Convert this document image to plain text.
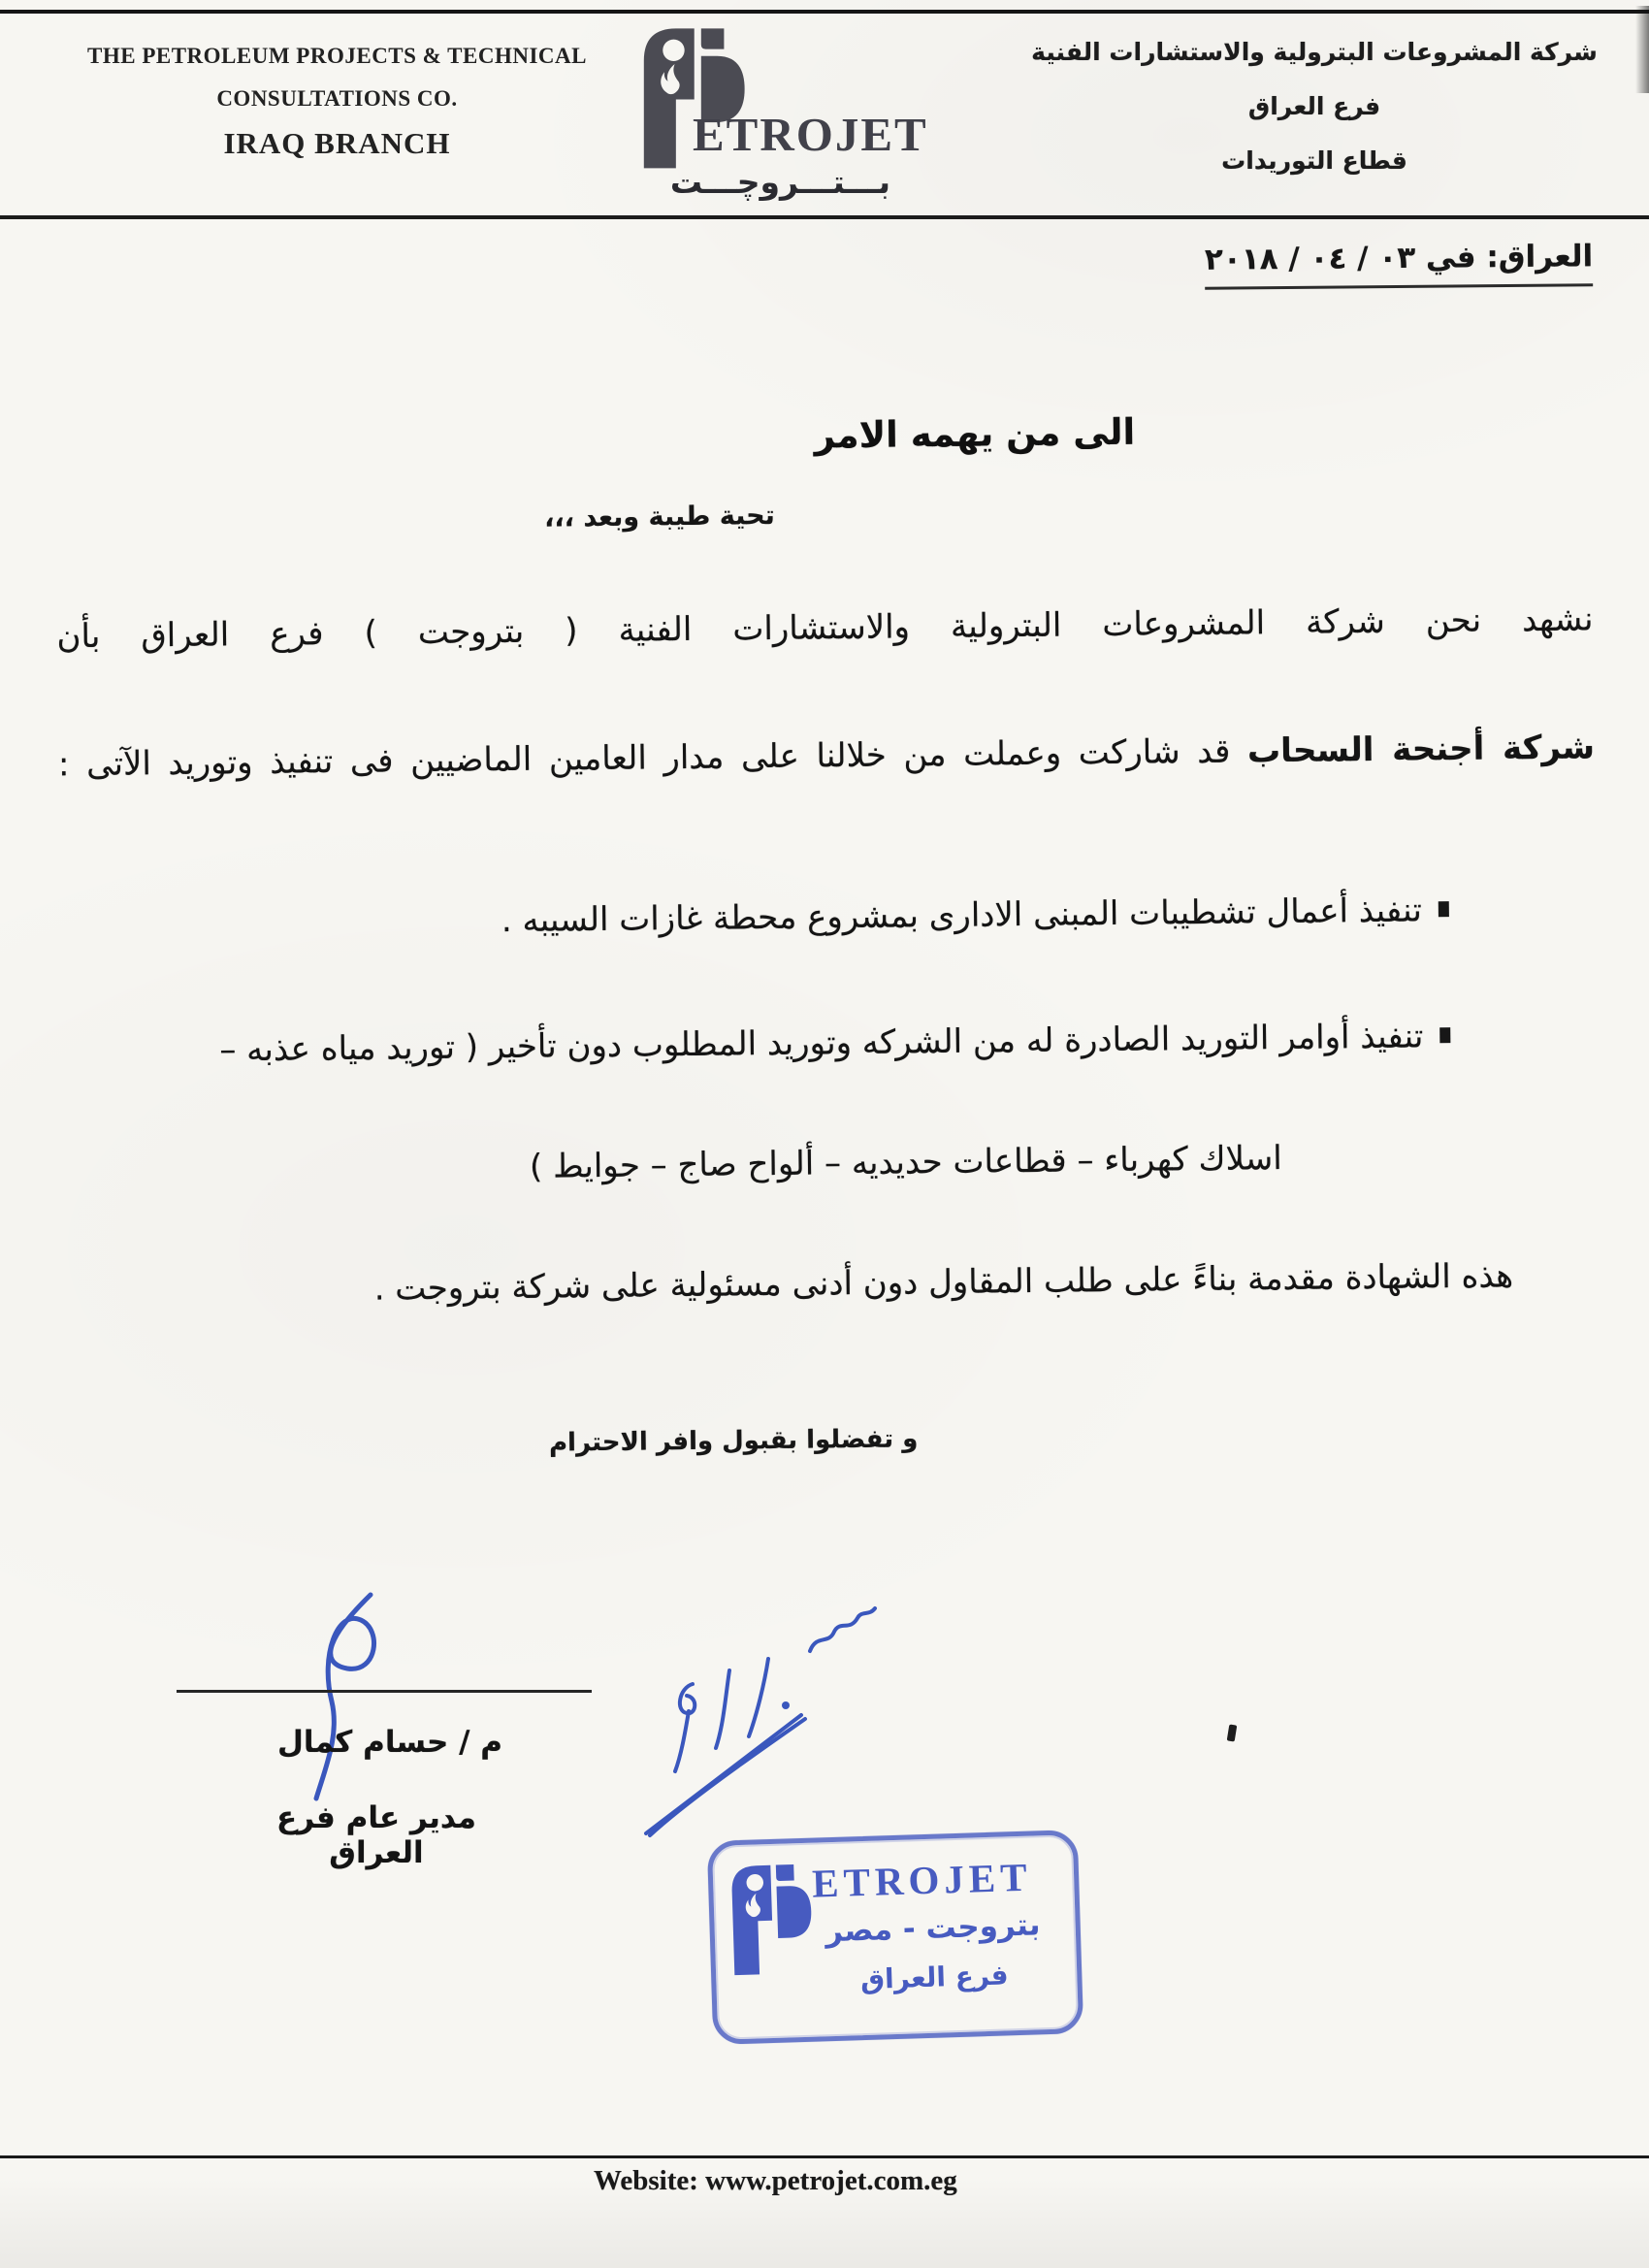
THE PETROLEUM PROJECTS & TECHNICAL
CONSULTATIONS CO.
IRAQ BRANCH	ETROJET
بـــتـــروچـــت
شركة المشروعات البترولية والاستشارات الفنية
فرع العراق
قطاع التوريدات
العراق: في ٠٣ / ٠٤ / ٢٠١٨
الى من يهمه الامر
تحية طيبة وبعد ،،،
نشهد نحن شركة المشروعات البترولية والاستشارات الفنية ( بتروجت ) فرع العراق بأن
شركة أجنحة السحاب قد شاركت وعملت من خلالنا على مدار العامين الماضيين فى تنفيذ وتوريد الآتى :
تنفيذ أعمال تشطيبات المبنى الادارى بمشروع محطة غازات السيبه .
تنفيذ أوامر التوريد الصادرة له من الشركه وتوريد المطلوب دون تأخير ( توريد مياه عذبه –
اسلاك كهرباء – قطاعات حديديه – ألواح صاج – جوايط )
هذه الشهادة مقدمة بناءً على طلب المقاول دون أدنى مسئولية على شركة بتروجت .
و تفضلوا بقبول وافر الاحترام
م / حسام كمال
مدير عام فرع العراق
ETROJET
بتروجت - مصر
فرع العراق
Website: www.petrojet.com.eg
